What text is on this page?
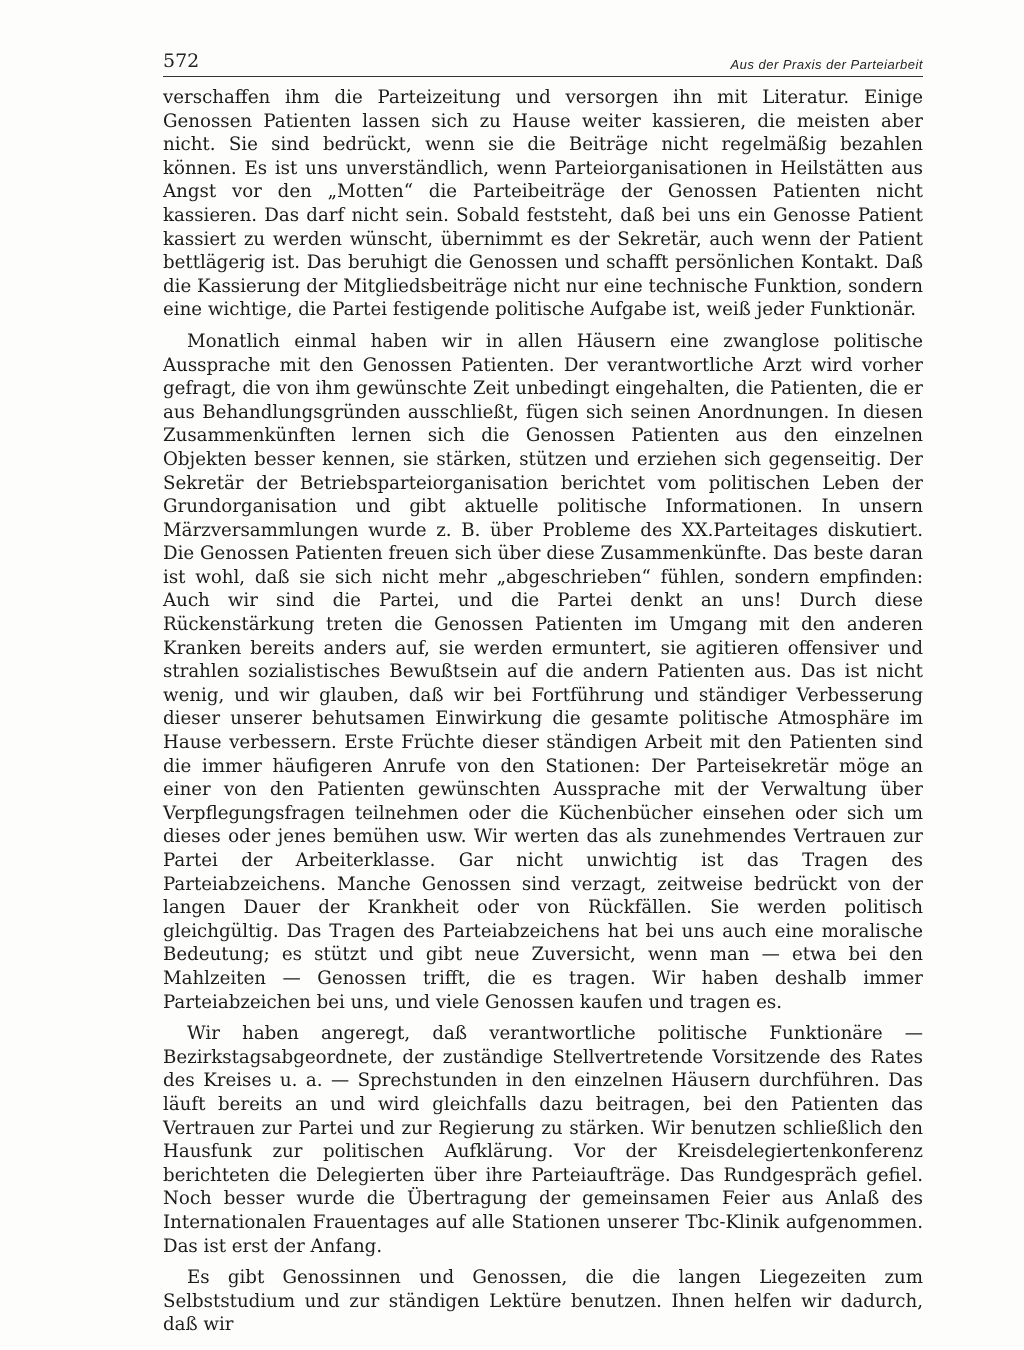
572	Aus der Praxis der Parteiarbeit

verschaffen ihm die Parteizeitung und versorgen ihn mit Literatur. Einige Genossen Patienten lassen sich zu Hause weiter kassieren, die meisten aber nicht. Sie sind bedrückt, wenn sie die Beiträge nicht regelmäßig bezahlen können. Es ist uns unverständlich, wenn Parteiorganisationen in Heilstätten aus Angst vor den „Motten“ die Parteibeiträge der Genossen Patienten nicht kassieren. Das darf nicht sein. Sobald feststeht, daß bei uns ein Genosse Patient kassiert zu werden wünscht, übernimmt es der Sekretär, auch wenn der Patient bettlägerig ist. Das beruhigt die Genossen und schafft persönlichen Kontakt. Daß die Kassierung der Mitgliedsbeiträge nicht nur eine technische Funktion, sondern eine wichtige, die Partei festigende politische Aufgabe ist, weiß jeder Funktionär.

Monatlich einmal haben wir in allen Häusern eine zwanglose politische Aussprache mit den Genossen Patienten. Der verantwortliche Arzt wird vorher gefragt, die von ihm gewünschte Zeit unbedingt eingehalten, die Patienten, die er aus Behandlungsgründen ausschließt, fügen sich seinen Anordnungen. In diesen Zusammenkünften lernen sich die Genossen Patienten aus den einzelnen Objekten besser kennen, sie stärken, stützen und erziehen sich gegenseitig. Der Sekretär der Betriebsparteiorganisation berichtet vom politischen Leben der Grundorganisation und gibt aktuelle politische Informationen. In unsern Märzversammlungen wurde z. B. über Probleme des XX.Parteitages diskutiert. Die Genossen Patienten freuen sich über diese Zusammenkünfte. Das beste daran ist wohl, daß sie sich nicht mehr „abgeschrieben“ fühlen, sondern empfinden: Auch wir sind die Partei, und die Partei denkt an uns! Durch diese Rückenstärkung treten die Genossen Patienten im Umgang mit den anderen Kranken bereits anders auf, sie werden ermuntert, sie agitieren offensiver und strahlen sozialistisches Bewußtsein auf die andern Patienten aus. Das ist nicht wenig, und wir glauben, daß wir bei Fortführung und ständiger Verbesserung dieser unserer behutsamen Einwirkung die gesamte politische Atmosphäre im Hause verbessern. Erste Früchte dieser ständigen Arbeit mit den Patienten sind die immer häufigeren Anrufe von den Stationen: Der Parteisekretär möge an einer von den Patienten gewünschten Aussprache mit der Verwaltung über Verpflegungsfragen teilnehmen oder die Küchenbücher einsehen oder sich um dieses oder jenes bemühen usw. Wir werten das als zunehmendes Vertrauen zur Partei der Arbeiterklasse. Gar nicht unwichtig ist das Tragen des Parteiabzeichens. Manche Genossen sind verzagt, zeitweise bedrückt von der langen Dauer der Krankheit oder von Rückfällen. Sie werden politisch gleichgültig. Das Tragen des Parteiabzeichens hat bei uns auch eine moralische Bedeutung; es stützt und gibt neue Zuversicht, wenn man — etwa bei den Mahlzeiten — Genossen trifft, die es tragen. Wir haben deshalb immer Parteiabzeichen bei uns, und viele Genossen kaufen und tragen es.

Wir haben angeregt, daß verantwortliche politische Funktionäre — Bezirkstagsabgeordnete, der zuständige Stellvertretende Vorsitzende des Rates des Kreises u. a. — Sprechstunden in den einzelnen Häusern durchführen. Das läuft bereits an und wird gleichfalls dazu beitragen, bei den Patienten das Vertrauen zur Partei und zur Regierung zu stärken. Wir benutzen schließlich den Hausfunk zur politischen Aufklärung. Vor der Kreisdelegiertenkonferenz berichteten die Delegierten über ihre Parteiaufträge. Das Rundgespräch gefiel. Noch besser wurde die Übertragung der gemeinsamen Feier aus Anlaß des Internationalen Frauentages auf alle Stationen unserer Tbc-Klinik aufgenommen. Das ist erst der Anfang.

Es gibt Genossinnen und Genossen, die die langen Liegezeiten zum Selbststudium und zur ständigen Lektüre benutzen. Ihnen helfen wir dadurch, daß wir
